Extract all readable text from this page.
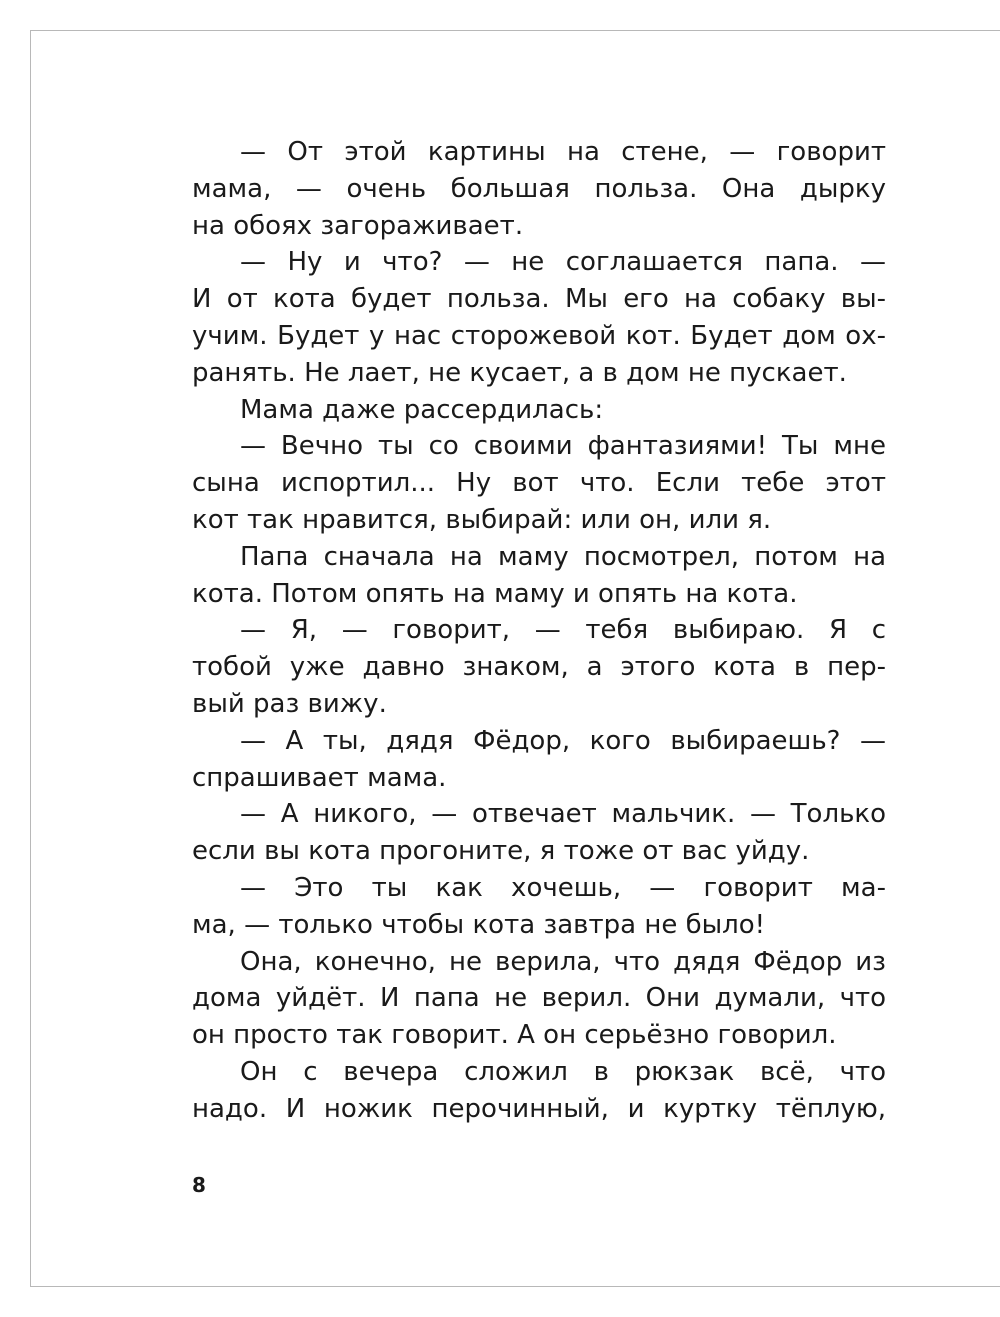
— От этой картины на стене, — говорит
мама, — очень большая польза. Она дырку
на обоях загораживает.
— Ну и что? — не соглашается папа. —
И от кота будет польза. Мы его на собаку вы-
учим. Будет у нас сторожевой кот. Будет дом ох-
ранять. Не лает, не кусает, а в дом не пускает.
Мама даже рассердилась:
— Вечно ты со своими фантазиями! Ты мне
сына испортил... Ну вот что. Если тебе этот
кот так нравится, выбирай: или он, или я.
Папа сначала на маму посмотрел, потом на
кота. Потом опять на маму и опять на кота.
— Я, — говорит, — тебя выбираю. Я с
тобой уже давно знаком, а этого кота в пер-
вый раз вижу.
— А ты, дядя Фёдор, кого выбираешь? —
спрашивает мама.
— А никого, — отвечает мальчик. — Только
если вы кота прогоните, я тоже от вас уйду.
— Это ты как хочешь, — говорит ма-
ма, — только чтобы кота завтра не было!
Она, конечно, не верила, что дядя Фёдор из
дома уйдёт. И папа не верил. Они думали, что
он просто так говорит. А он серьёзно говорил.
Он с вечера сложил в рюкзак всё, что
надо. И ножик перочинный, и куртку тёплую,
8
